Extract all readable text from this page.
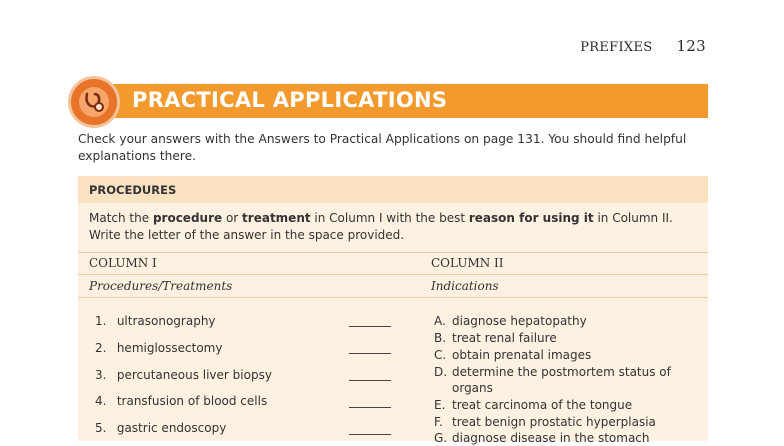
PREFIXES 123
PRACTICAL APPLICATIONS
Check your answers with the Answers to Practical Applications on page 131. You should find helpful explanations there.
PROCEDURES
Match the procedure or treatment in Column I with the best reason for using it in Column II. Write the letter of the answer in the space provided.
COLUMN I	COLUMN II
Procedures/Treatments	Indications
1. ultrasonography
2. hemiglossectomy
3. percutaneous liver biopsy
4. transfusion of blood cells
5. gastric endoscopy
A. diagnose hepatopathy
B. treat renal failure
C. obtain prenatal images
D. determine the postmortem status of organs
E. treat carcinoma of the tongue
F. treat benign prostatic hyperplasia
G. diagnose disease in the stomach
